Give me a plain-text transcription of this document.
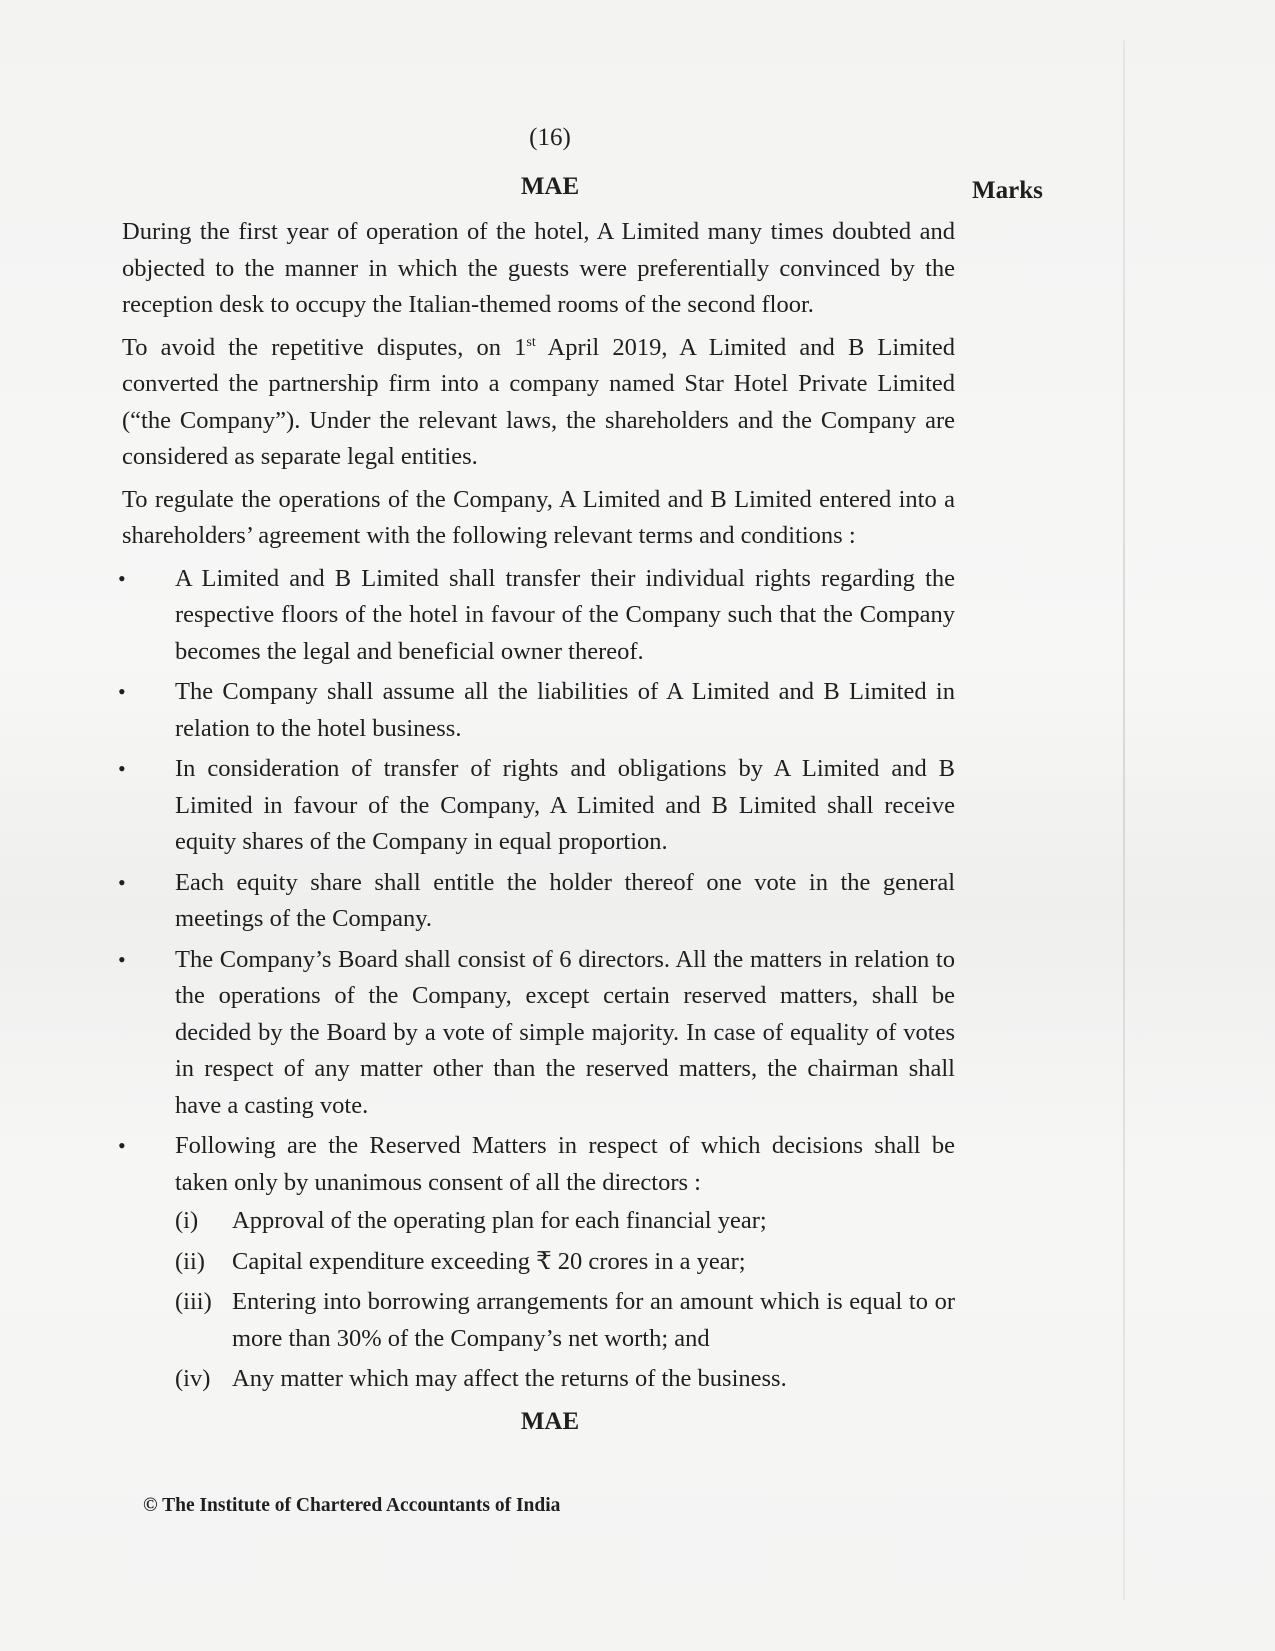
(16)
MAE	Marks

During the first year of operation of the hotel, A Limited many times doubted and objected to the manner in which the guests were preferentially convinced by the reception desk to occupy the Italian-themed rooms of the second floor.

To avoid the repetitive disputes, on 1st April 2019, A Limited and B Limited converted the partnership firm into a company named Star Hotel Private Limited (“the Company”). Under the relevant laws, the shareholders and the Company are considered as separate legal entities.

To regulate the operations of the Company, A Limited and B Limited entered into a shareholders’ agreement with the following relevant terms and conditions :

• A Limited and B Limited shall transfer their individual rights regarding the respective floors of the hotel in favour of the Company such that the Company becomes the legal and beneficial owner thereof.
• The Company shall assume all the liabilities of A Limited and B Limited in relation to the hotel business.
• In consideration of transfer of rights and obligations by A Limited and B Limited in favour of the Company, A Limited and B Limited shall receive equity shares of the Company in equal proportion.
• Each equity share shall entitle the holder thereof one vote in the general meetings of the Company.
• The Company’s Board shall consist of 6 directors. All the matters in relation to the operations of the Company, except certain reserved matters, shall be decided by the Board by a vote of simple majority. In case of equality of votes in respect of any matter other than the reserved matters, the chairman shall have a casting vote.
• Following are the Reserved Matters in respect of which decisions shall be taken only by unanimous consent of all the directors :
(i) Approval of the operating plan for each financial year;
(ii) Capital expenditure exceeding ₹ 20 crores in a year;
(iii) Entering into borrowing arrangements for an amount which is equal to or more than 30% of the Company’s net worth; and
(iv) Any matter which may affect the returns of the business.
MAE
© The Institute of Chartered Accountants of India
